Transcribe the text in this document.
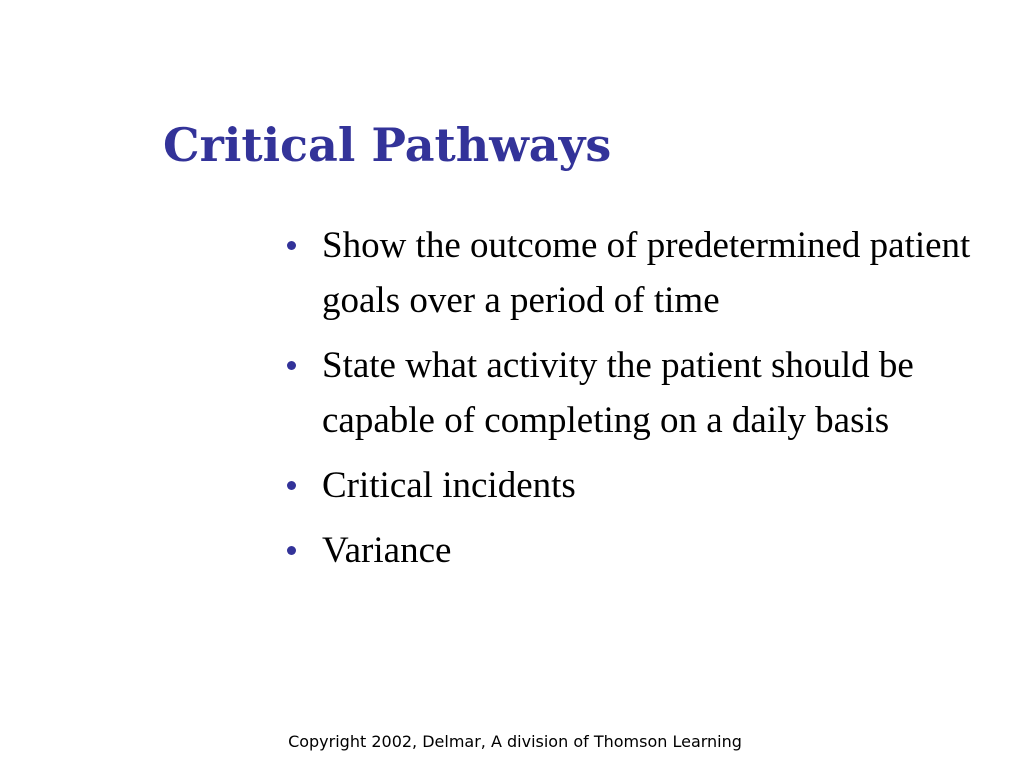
Critical Pathways
Show the outcome of predetermined patient goals over a period of time
State what activity the patient should be capable of completing on a daily basis
Critical incidents
Variance
Copyright 2002, Delmar, A division of Thomson Learning
